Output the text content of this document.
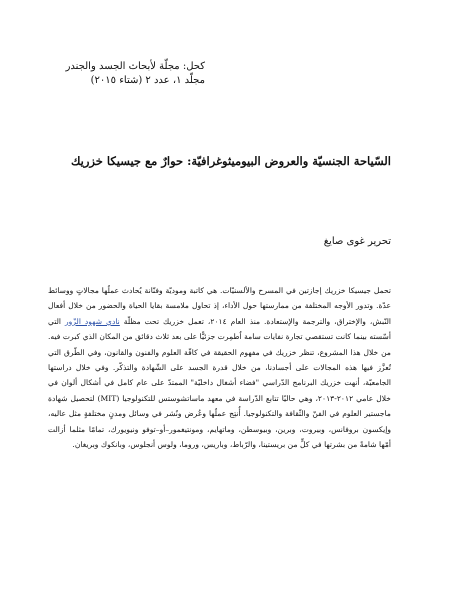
كحل: مجلّة لأبحاث الجسد والجندر
مجلّد ١، عدد ٢ (شتاء ٢٠١٥)
السّياحة الجنسيّة والعروض البيوميثوغرافيّة: حوارٌ مع جيسيكا خزريك
تحرير غوى صايغ

تحمل جيسيكا خزريك إجازتين في المسرح والألسنيّات. هي كاتبة وموديّة وفنّانة يُحادث عملُها مجالاتٍ ووسائط عدّة. وتدور الأوجه المختلفة من ممارستها حول الأداء، إذ تحاول ملامسة بقايا الحياة والحضور من خلال أفعال النّبش، والإختراق، والترجمة والإستعادة. منذ العام ٢٠١٤، تعمل خزريك تحت مظلّة نادي شهود الزّور التي أسّسته بينما كانت تستقصي تجارة نفايات سامة اُطمِرت جزئيًّا على بعد ثلاث دقائق من المكان الذي كبرت فيه. من خلال هذا المشروع، تنظر خزريك في مفهوم الحقيقة في كافّة العلوم والفنون والقانون، وفي الطّرق التي تُعزَّز فيها هذه المجالات على أجسادنا، من خلال قدرة الجسد على الشّهادة والتذكّر. وفي خلال دراستها الجامعيّة، أنهت خزريك البرنامج الدّراسي "فضاء أشغال داخليّة" الممتدّ على عام كامل في أشكال ألوان في خلال عامي ٢٠١٢-٢٠١٣، وهي حاليًا تتابع الدّراسة في معهد ماساتشوستس للتكنولوجيا (MIT) لتحصيل شهادة ماجستير العلوم في الفنّ والثّقافة والتكنولوجيا. أُنتِج عملُها وعُرض ونُشر في وسائل ومدنٍ مختلفةٍ مثل عاليه، وإيكسون بروفانس، وبيروت، وبرين، وبيوسطن، وماتهايم، ومونتيغمور–أو–توفو ونيويورك، تمامًا مثلما أزالت أمّها شامةً من بشرتها في كلٍّ من بريستينا، والرّباط، وباريس، وروما، ولوس أنجلوس، وبانكوك وبريغان.
